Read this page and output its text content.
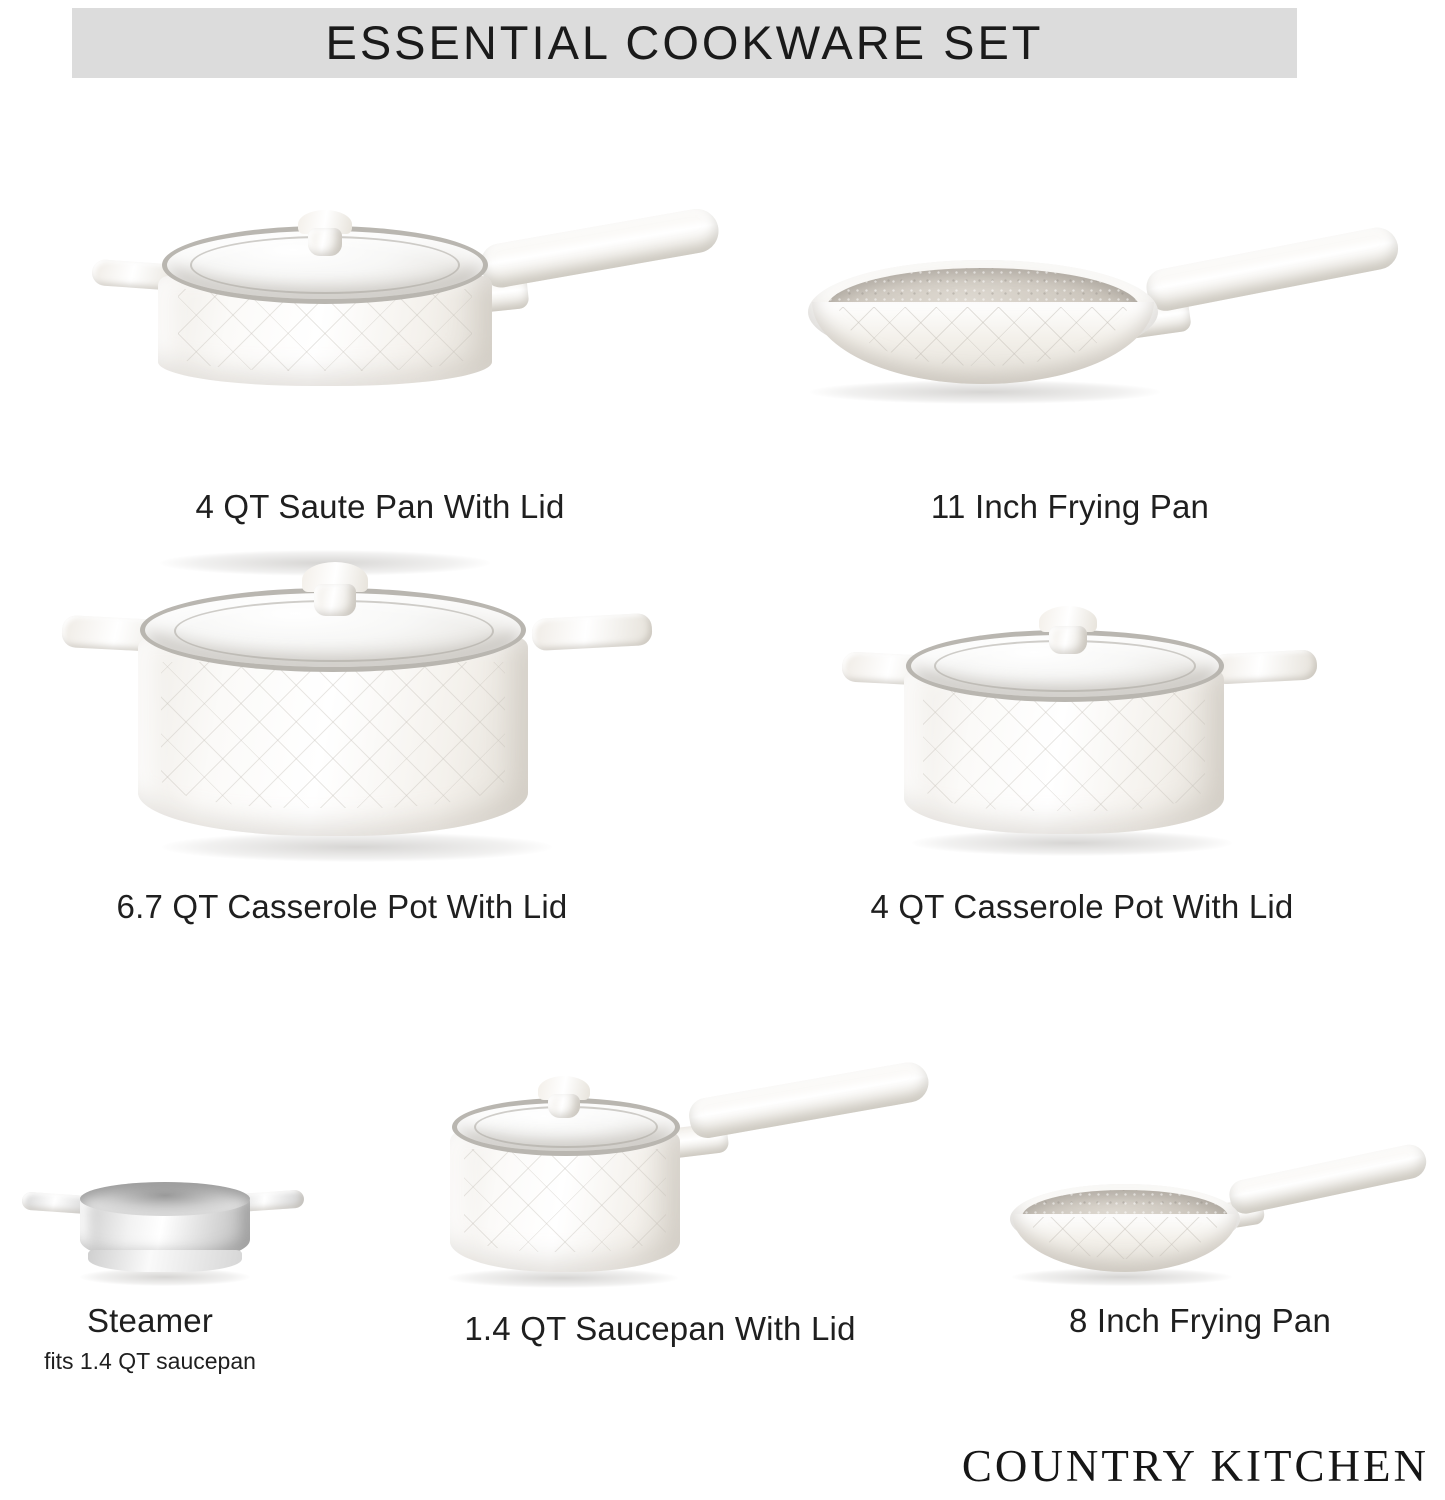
ESSENTIAL COOKWARE SET
4 QT Saute Pan With Lid	11 Inch Frying Pan
6.7 QT Casserole Pot With Lid	4 QT Casserole Pot With Lid
Steamer
fits 1.4 QT saucepan
1.4 QT Saucepan With Lid	8 Inch Frying Pan
COUNTRY KITCHEN
